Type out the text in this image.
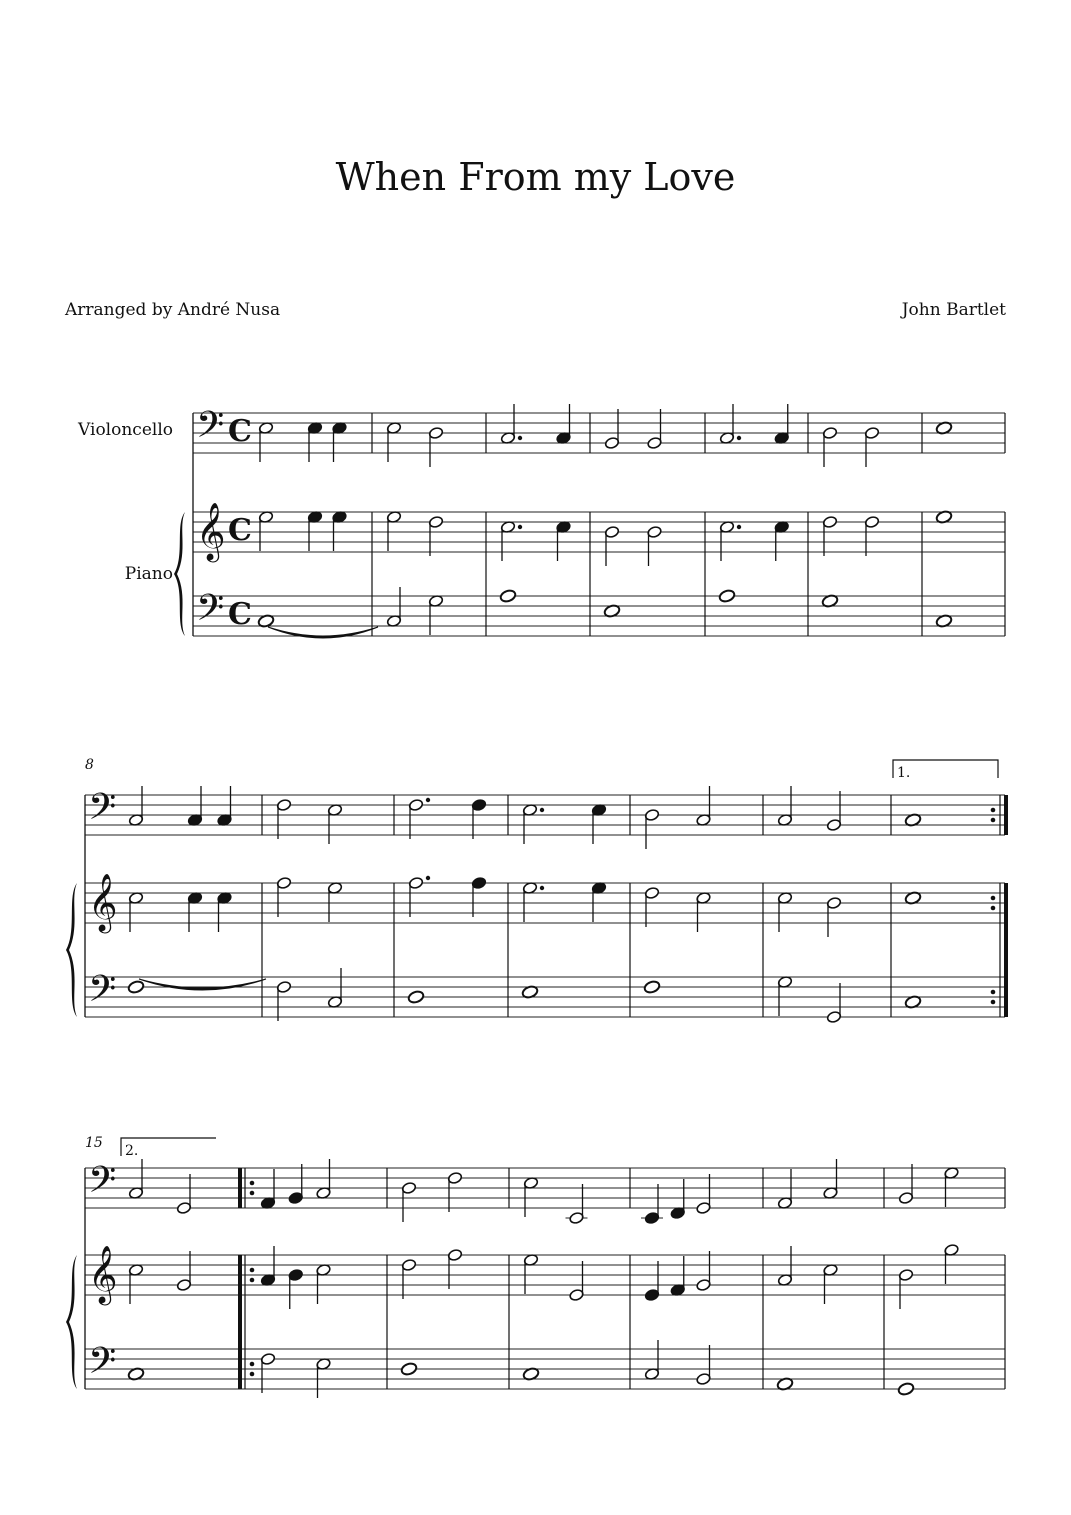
When From my Love
Arranged by André Nusa	John Bartlet
Violoncello
Piano
8
15
1.
2.
𝄢
𝄞
𝄢
C
C
C
𝄢
𝄞
𝄢
𝄢
𝄞
𝄢
